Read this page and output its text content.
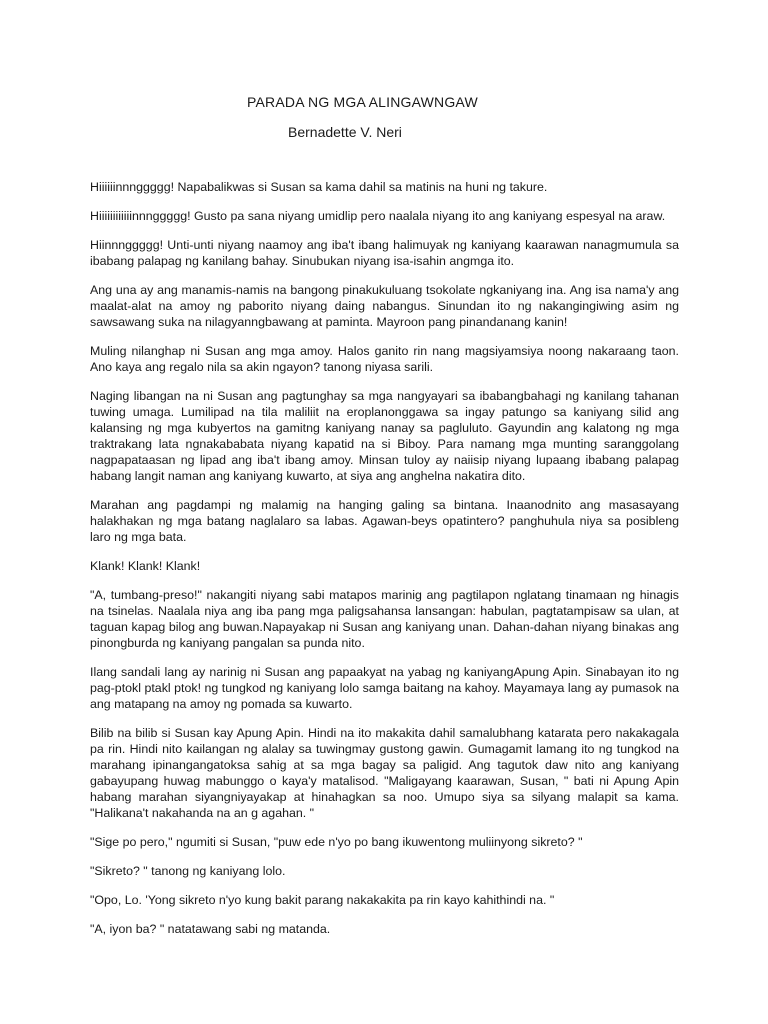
PARADA NG MGA ALINGAWNGAW
Bernadette V. Neri

Hiiiiiinnnggggg! Napabalikwas si Susan sa kama dahil sa matinis na huni ng takure.

Hiiiiiiiiiiiinnnggggg! Gusto pa sana niyang umidlip pero naalala niyang ito ang kaniyang espesyal na araw.

Hiinnnggggg! Unti-unti niyang naamoy ang iba't ibang halimuyak ng kaniyang kaarawan nanagmumula sa ibabang palapag ng kanilang bahay. Sinubukan niyang isa-isahin angmga ito.

Ang una ay ang manamis-namis na bangong pinakukuluang tsokolate ngkaniyang ina. Ang isa nama'y ang maalat-alat na amoy ng paborito niyang daing nabangus. Sinundan ito ng nakangingiwing asim ng sawsawang suka na nilagyanngbawang at paminta. Mayroon pang pinandanang kanin!

Muling nilanghap ni Susan ang mga amoy. Halos ganito rin nang magsiyamsiya noong nakaraang taon. Ano kaya ang regalo nila sa akin ngayon? tanong niyasa sarili.

Naging libangan na ni Susan ang pagtunghay sa mga nangyayari sa ibabangbahagi ng kanilang tahanan tuwing umaga. Lumilipad na tila maliliit na eroplanonggawa sa ingay patungo sa kaniyang silid ang kalansing ng mga kubyertos na gamitng kaniyang nanay sa pagluluto. Gayundin ang kalatong ng mga traktrakang lata ngnakababata niyang kapatid na si Biboy. Para namang mga munting saranggolang nagpapataasan ng lipad ang iba't ibang amoy. Minsan tuloy ay naiisip niyang lupaang ibabang palapag habang langit naman ang kaniyang kuwarto, at siya ang anghelna nakatira dito.

Marahan ang pagdampi ng malamig na hanging galing sa bintana. Inaanodnito ang masasayang halakhakan ng mga batang naglalaro sa labas. Agawan-beys opatintero? panghuhula niya sa posibleng laro ng mga bata.

Klank! Klank! Klank!

"A, tumbang-preso!" nakangiti niyang sabi matapos marinig ang pagtilapon nglatang tinamaan ng hinagis na tsinelas. Naalala niya ang iba pang mga paligsahansa lansangan: habulan, pagtatampisaw sa ulan, at taguan kapag bilog ang buwan.Napayakap ni Susan ang kaniyang unan. Dahan-dahan niyang binakas ang pinongburda ng kaniyang pangalan sa punda nito.

Ilang sandali lang ay narinig ni Susan ang papaakyat na yabag ng kaniyangApung Apin. Sinabayan ito ng pag-ptokl ptakl ptok! ng tungkod ng kaniyang lolo samga baitang na kahoy. Mayamaya lang ay pumasok na ang matapang na amoy ng pomada sa kuwarto.

Bilib na bilib si Susan kay Apung Apin. Hindi na ito makakita dahil samalubhang katarata pero nakakagala pa rin. Hindi nito kailangan ng alalay sa tuwingmay gustong gawin. Gumagamit lamang ito ng tungkod na marahang ipinangangatoksa sahig at sa mga bagay sa paligid. Ang tagutok daw nito ang kaniyang gabayupang huwag mabunggo o kaya'y matalisod. "Maligayang kaarawan, Susan, " bati ni Apung Apin habang marahan siyangniyayakap at hinahagkan sa noo. Umupo siya sa silyang malapit sa kama. "Halikana't nakahanda na an g agahan. "

"Sige po pero," ngumiti si Susan, "puw ede n'yo po bang ikuwentong muliinyong sikreto? "

"Sikreto? " tanong ng kaniyang lolo.

"Opo, Lo. 'Yong sikreto n'yo kung bakit parang nakakakita pa rin kayo kahithindi na. "

"A, iyon ba? " natatawang sabi ng matanda.
